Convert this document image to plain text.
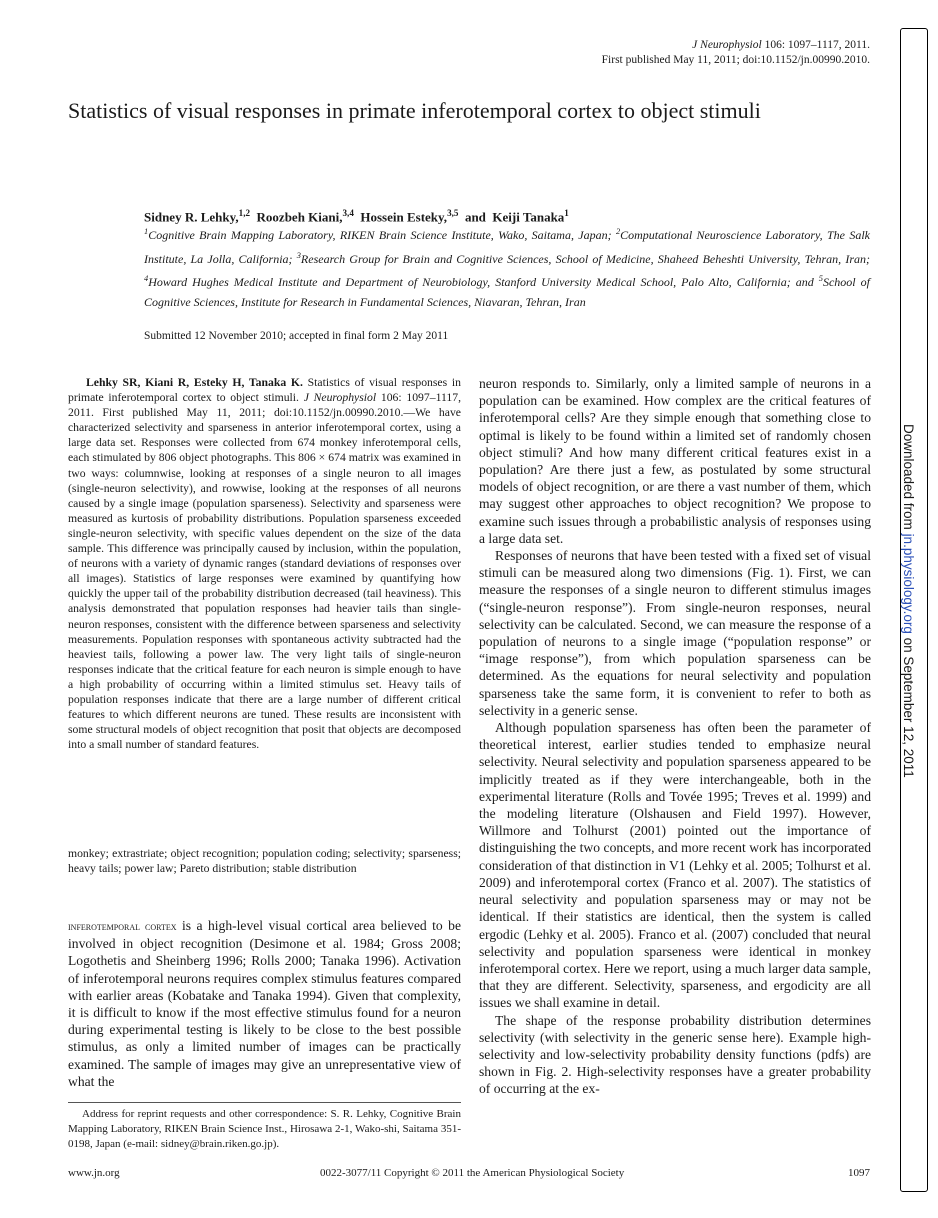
J Neurophysiol 106: 1097–1117, 2011.
First published May 11, 2011; doi:10.1152/jn.00990.2010.
Statistics of visual responses in primate inferotemporal cortex to object stimuli
Sidney R. Lehky,$^{1,2}$ Roozbeh Kiani,$^{3,4}$ Hossein Esteky,$^{3,5}$ and Keiji Tanaka$^1$
$^1$Cognitive Brain Mapping Laboratory, RIKEN Brain Science Institute, Wako, Saitama, Japan; $^2$Computational Neuroscience Laboratory, The Salk Institute, La Jolla, California; $^3$Research Group for Brain and Cognitive Sciences, School of Medicine, Shaheed Beheshti University, Tehran, Iran; $^4$Howard Hughes Medical Institute and Department of Neurobiology, Stanford University Medical School, Palo Alto, California; and $^5$School of Cognitive Sciences, Institute for Research in Fundamental Sciences, Niavaran, Tehran, Iran
Submitted 12 November 2010; accepted in final form 2 May 2011
Lehky SR, Kiani R, Esteky H, Tanaka K. Statistics of visual responses in primate inferotemporal cortex to object stimuli. J Neurophysiol 106: 1097–1117, 2011. First published May 11, 2011; doi:10.1152/jn.00990.2010.—We have characterized selectivity and sparseness in anterior inferotemporal cortex, using a large data set. Responses were collected from 674 monkey inferotemporal cells, each stimulated by 806 object photographs. This 806 × 674 matrix was examined in two ways: columnwise, looking at responses of a single neuron to all images (single-neuron selectivity), and rowwise, looking at the responses of all neurons caused by a single image (population sparseness). Selectivity and sparseness were measured as kurtosis of probability distributions. Population sparseness exceeded single-neuron selectivity, with specific values dependent on the size of the data sample. This difference was principally caused by inclusion, within the population, of neurons with a variety of dynamic ranges (standard deviations of responses over all images). Statistics of large responses were examined by quantifying how quickly the upper tail of the probability distribution decreased (tail heaviness). This analysis demonstrated that population responses had heavier tails than single-neuron responses, consistent with the difference between sparseness and selectivity measurements. Population responses with spontaneous activity subtracted had the heaviest tails, following a power law. The very light tails of single-neuron responses indicate that the critical feature for each neuron is simple enough to have a high probability of occurring within a limited stimulus set. Heavy tails of population responses indicate that there are a large number of different critical features to which different neurons are tuned. These results are inconsistent with some structural models of object recognition that posit that objects are decomposed into a small number of standard features.
monkey; extrastriate; object recognition; population coding; selectivity; sparseness; heavy tails; power law; Pareto distribution; stable distribution
inferotemporal cortex is a high-level visual cortical area believed to be involved in object recognition (Desimone et al. 1984; Gross 2008; Logothetis and Sheinberg 1996; Rolls 2000; Tanaka 1996). Activation of inferotemporal neurons requires complex stimulus features compared with earlier areas (Kobatake and Tanaka 1994). Given that complexity, it is difficult to know if the most effective stimulus found for a neuron during experimental testing is likely to be close to the best possible stimulus, as only a limited number of images can be practically examined. The sample of images may give an unrepresentative view of what the

neuron responds to. Similarly, only a limited sample of neurons in a population can be examined. How complex are the critical features of inferotemporal cells? Are they simple enough that something close to optimal is likely to be found within a limited set of randomly chosen object stimuli? And how many different critical features exist in a population? Are there just a few, as postulated by some structural models of object recognition, or are there a vast number of them, which may suggest other approaches to object recognition? We propose to examine such issues through a probabilistic analysis of responses using a large data set.

Responses of neurons that have been tested with a fixed set of visual stimuli can be measured along two dimensions (Fig. 1). First, we can measure the responses of a single neuron to different stimulus images (“single-neuron response”). From single-neuron responses, neural selectivity can be calculated. Second, we can measure the response of a population of neurons to a single image (“population response” or “image response”), from which population sparseness can be determined. As the equations for neural selectivity and population sparseness take the same form, it is convenient to refer to both as selectivity in a generic sense.

Although population sparseness has often been the parameter of theoretical interest, earlier studies tended to emphasize neural selectivity. Neural selectivity and population sparseness appeared to be implicitly treated as if they were interchangeable, both in the experimental literature (Rolls and Tovée 1995; Treves et al. 1999) and the modeling literature (Olshausen and Field 1997). However, Willmore and Tolhurst (2001) pointed out the importance of distinguishing the two concepts, and more recent work has incorporated consideration of that distinction in V1 (Lehky et al. 2005; Tolhurst et al. 2009) and inferotemporal cortex (Franco et al. 2007). The statistics of neural selectivity and population sparseness may or may not be identical. If their statistics are identical, then the system is called ergodic (Lehky et al. 2005). Franco et al. (2007) concluded that neural selectivity and population sparseness were identical in monkey inferotemporal cortex. Here we report, using a much larger data sample, that they are different. Selectivity, sparseness, and ergodicity are all issues we shall examine in detail.

The shape of the response probability distribution determines selectivity (with selectivity in the generic sense here). Example high-selectivity and low-selectivity probability density functions (pdfs) are shown in Fig. 2. High-selectivity responses have a greater probability of occurring at the ex-

Address for reprint requests and other correspondence: S. R. Lehky, Cognitive Brain Mapping Laboratory, RIKEN Brain Science Inst., Hirosawa 2-1, Wako-shi, Saitama 351-0198, Japan (e-mail: sidney@brain.riken.go.jp).
www.jn.org	0022-3077/11 Copyright © 2011 the American Physiological Society	1097
Downloaded from jn.physiology.org on September 12, 2011
